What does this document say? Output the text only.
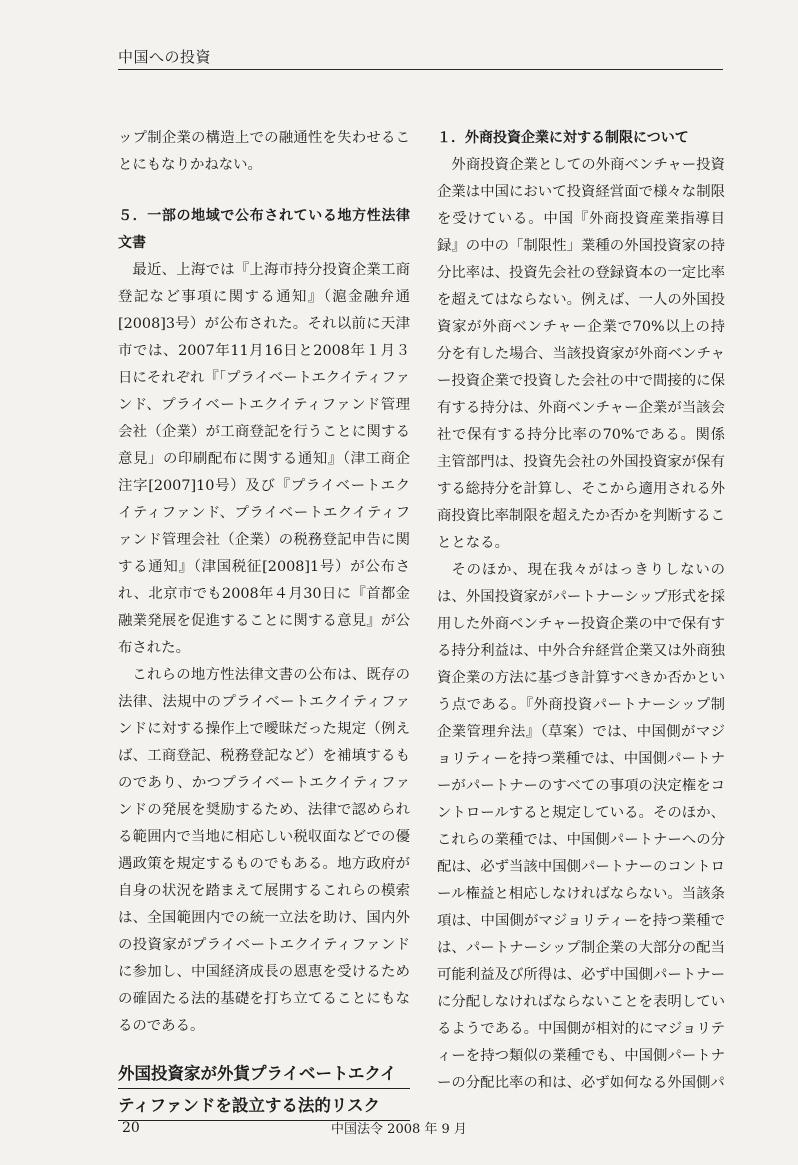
中国への投資

ップ制企業の構造上での融通性を失わせることにもなりかねない。

５．一部の地域で公布されている地方性法律文書

最近、上海では『上海市持分投資企業工商登記など事項に関する通知』（滬金融弁通 [2008]3号）が公布された。それ以前に天津市では、2007年11月16日と2008年１月３日にそれぞれ『「プライベートエクイティファンド、プライベートエクイティファンド管理会社（企業）が工商登記を行うことに関する意見」の印刷配布に関する通知』（津工商企注字[2007]10号）及び『プライベートエクイティファンド、プライベートエクイティファンド管理会社（企業）の税務登記申告に関する通知』（津国税征[2008]1号）が公布され、北京市でも2008年４月30日に『首都金融業発展を促進することに関する意見』が公布された。

これらの地方性法律文書の公布は、既存の法律、法規中のプライベートエクイティファンドに対する操作上で曖昧だった規定（例えば、工商登記、税務登記など）を補填するものであり、かつプライベートエクイティファンドの発展を奨励するため、法律で認められる範囲内で当地に相応しい税収面などでの優遇政策を規定するものでもある。地方政府が自身の状況を踏まえて展開するこれらの模索は、全国範囲内での統一立法を助け、国内外の投資家がプライベートエクイティファンドに参加し、中国経済成長の恩恵を受けるための確固たる法的基礎を打ち立てることにもなるのである。

外国投資家が外貨プライベートエクイ
ティファンドを設立する法的リスク

１．外商投資企業に対する制限について

外商投資企業としての外商ベンチャー投資企業は中国において投資経営面で様々な制限を受けている。中国『外商投資産業指導目録』の中の「制限性」業種の外国投資家の持分比率は、投資先会社の登録資本の一定比率を超えてはならない。例えば、一人の外国投資家が外商ベンチャー企業で70%以上の持分を有した場合、当該投資家が外商ベンチャー投資企業で投資した会社の中で間接的に保有する持分は、外商ベンチャー企業が当該会社で保有する持分比率の70%である。関係主管部門は、投資先会社の外国投資家が保有する総持分を計算し、そこから適用される外商投資比率制限を超えたか否かを判断することとなる。

そのほか、現在我々がはっきりしないのは、外国投資家がパートナーシップ形式を採用した外商ベンチャー投資企業の中で保有する持分利益は、中外合弁経営企業又は外商独資企業の方法に基づき計算すべきか否かという点である。『外商投資パートナーシップ制企業管理弁法』（草案）では、中国側がマジョリティーを持つ業種では、中国側パートナーがパートナーのすべての事項の決定権をコントロールすると規定している。そのほか、これらの業種では、中国側パートナーへの分配は、必ず当該中国側パートナーのコントロール権益と相応しなければならない。当該条項は、中国側がマジョリティーを持つ業種では、パートナーシップ制企業の大部分の配当可能利益及び所得は、必ず中国側パートナーに分配しなければならないことを表明しているようである。中国側が相対的にマジョリティーを持つ類似の業種でも、中国側パートナーの分配比率の和は、必ず如何なる外国側パ

20	中国法令 2008 年 9 月
